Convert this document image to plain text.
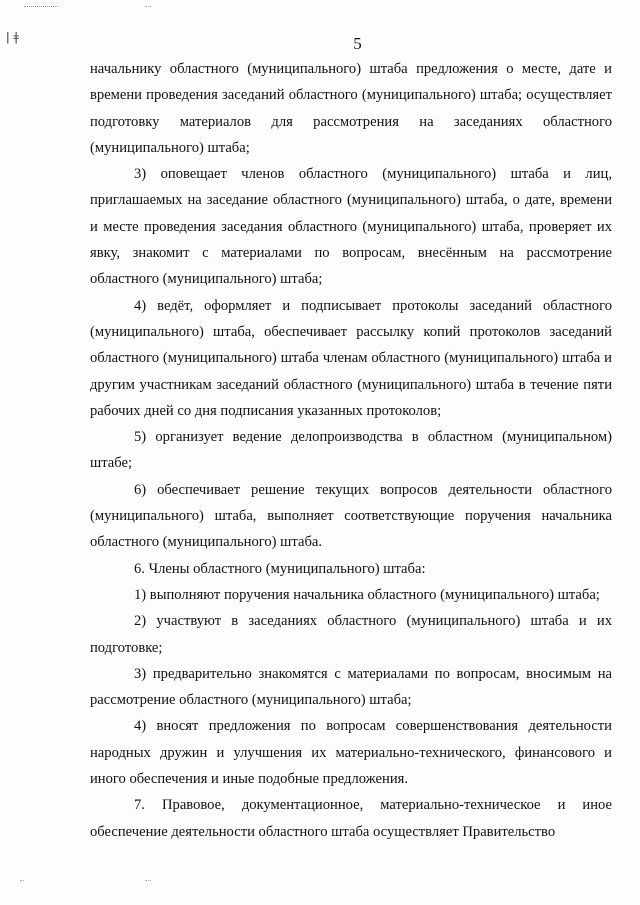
ǀ ǂ	5

начальнику областного (муниципального) штаба предложения о месте, дате и времени проведения заседаний областного (муниципального) штаба; осуществляет подготовку материалов для рассмотрения на заседаниях областного (муниципального) штаба;

3) оповещает членов областного (муниципального) штаба и лиц, приглашаемых на заседание областного (муниципального) штаба, о дате, времени и месте проведения заседания областного (муниципального) штаба, проверяет их явку, знакомит с материалами по вопросам, внесённым на рассмотрение областного (муниципального) штаба;

4) ведёт, оформляет и подписывает протоколы заседаний областного (муниципального) штаба, обеспечивает рассылку копий протоколов заседаний областного (муниципального) штаба членам областного (муниципального) штаба и другим участникам заседаний областного (муниципального) штаба в течение пяти рабочих дней со дня подписания указанных протоколов;

5) организует ведение делопроизводства в областном (муниципальном) штабе;

6) обеспечивает решение текущих вопросов деятельности областного (муниципального) штаба, выполняет соответствующие поручения начальника областного (муниципального) штаба.

6. Члены областного (муниципального) штаба:

1) выполняют поручения начальника областного (муниципального) штаба;

2) участвуют в заседаниях областного (муниципального) штаба и их подготовке;

3) предварительно знакомятся с материалами по вопросам, вносимым на рассмотрение областного (муниципального) штаба;

4) вносят предложения по вопросам совершенствования деятельности народных дружин и улучшения их материально-технического, финансового и иного обеспечения и иные подобные предложения.

7. Правовое, документационное, материально-техническое и иное обеспечение деятельности областного штаба осуществляет Правительство
